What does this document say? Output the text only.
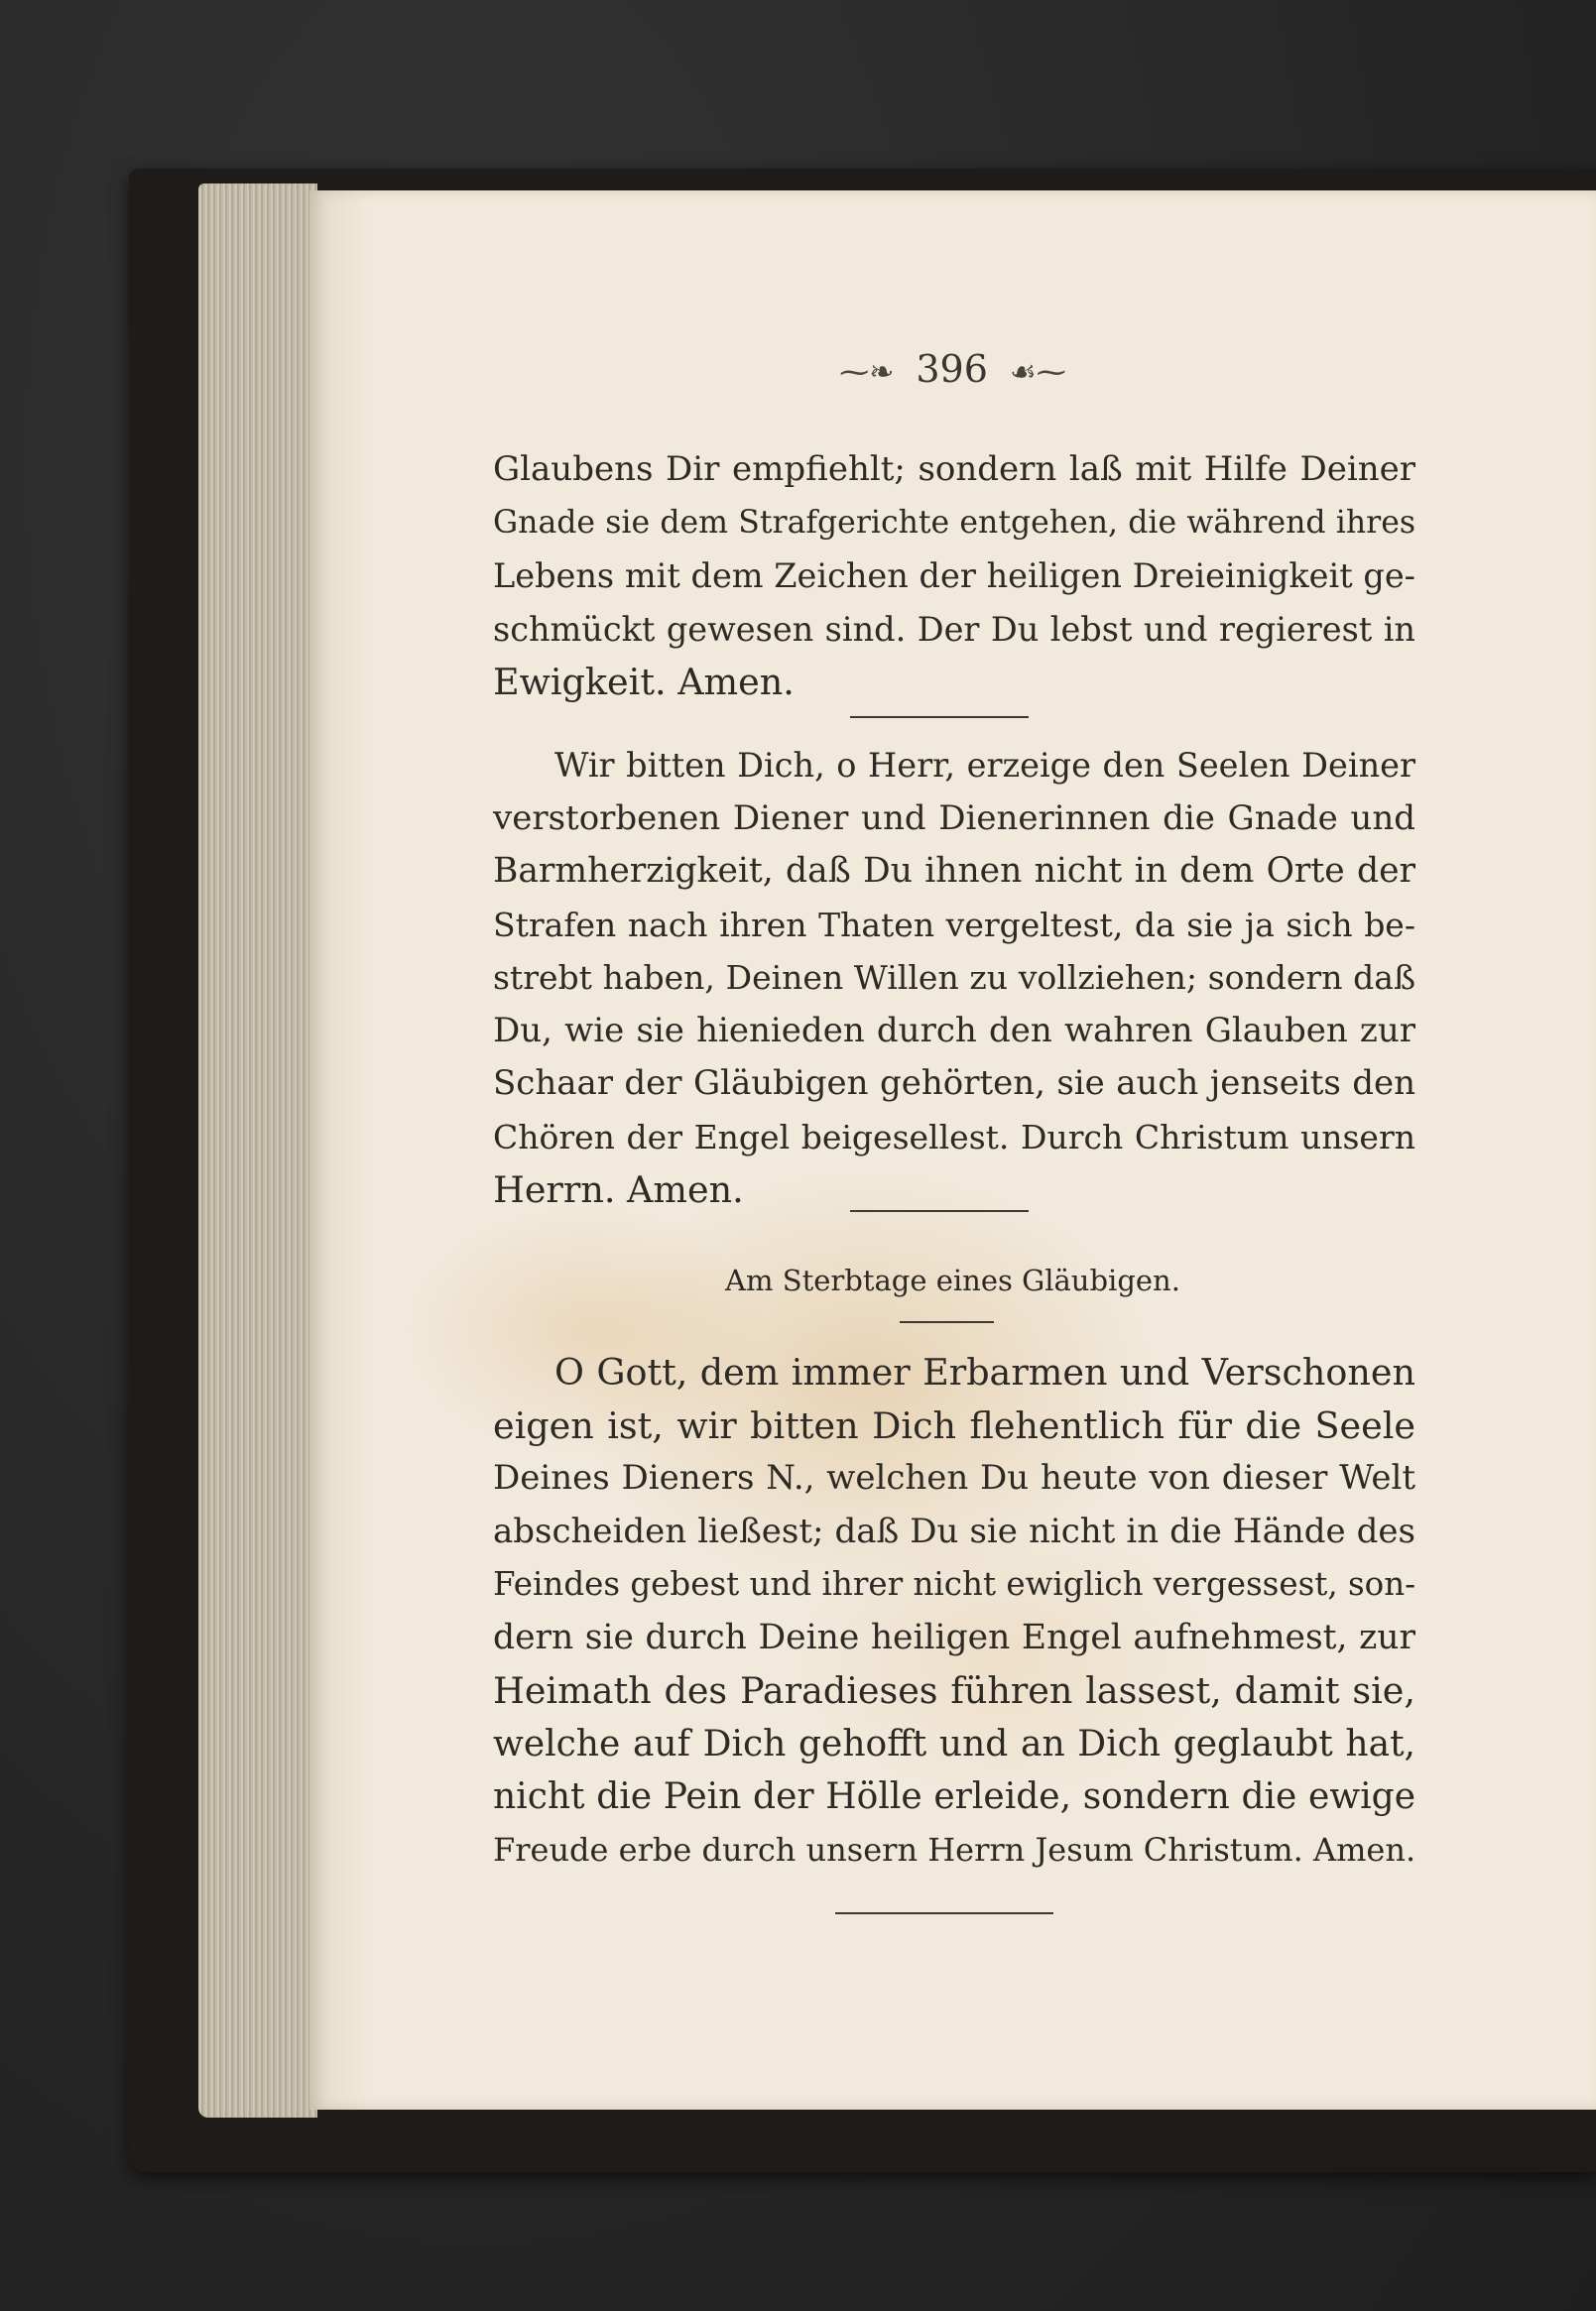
⁓❧ 396 ☙⁓
Glaubens Dir empfiehlt; sondern laß mit Hilfe Deiner
Gnade sie dem Strafgerichte entgehen, die während ihres
Lebens mit dem Zeichen der heiligen Dreieinigkeit ge-
schmückt gewesen sind. Der Du lebst und regierest in
Ewigkeit. Amen.
Wir bitten Dich, o Herr, erzeige den Seelen Deiner
verstorbenen Diener und Dienerinnen die Gnade und
Barmherzigkeit, daß Du ihnen nicht in dem Orte der
Strafen nach ihren Thaten vergeltest, da sie ja sich be-
strebt haben, Deinen Willen zu vollziehen; sondern daß
Du, wie sie hienieden durch den wahren Glauben zur
Schaar der Gläubigen gehörten, sie auch jenseits den
Chören der Engel beigesellest. Durch Christum unsern
Herrn. Amen.
Am Sterbtage eines Gläubigen.
O Gott, dem immer Erbarmen und Verschonen
eigen ist, wir bitten Dich flehentlich für die Seele
Deines Dieners N., welchen Du heute von dieser Welt
abscheiden ließest; daß Du sie nicht in die Hände des
Feindes gebest und ihrer nicht ewiglich vergessest, son-
dern sie durch Deine heiligen Engel aufnehmest, zur
Heimath des Paradieses führen lassest, damit sie,
welche auf Dich gehofft und an Dich geglaubt hat,
nicht die Pein der Hölle erleide, sondern die ewige
Freude erbe durch unsern Herrn Jesum Christum. Amen.
